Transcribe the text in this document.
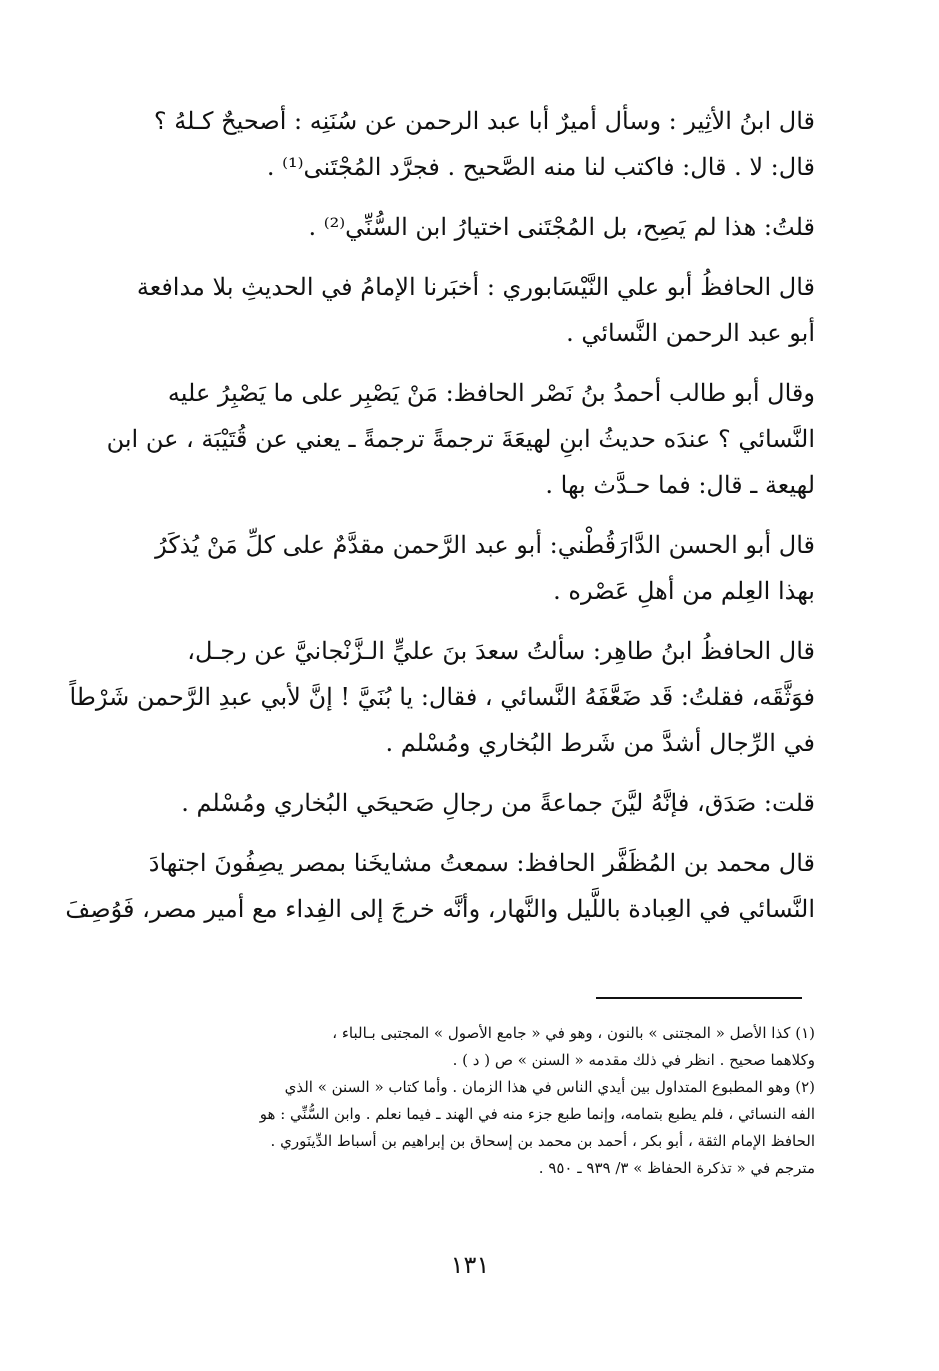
قال ابنُ الأثِير : وسأل أميرٌ أبا عبد الرحمن عن سُنَنِه : أصحيحٌ كـلهُ ؟
قال: لا . قال: فاكتب لنا منه الصَّحيح . فجرَّد المُجْتَنى⁽¹⁾ .

قلتُ: هذا لم يَصِح، بل المُجْتَنى اختيارُ ابن السُّنِّي⁽²⁾ .

قال الحافظُ أبو علي النَّيْسَابوري : أخبَرنا الإمامُ في الحديثِ بلا مدافعة
أبو عبد الرحمن النَّسائي .

وقال أبو طالب أحمدُ بنُ نَصْر الحافظ: مَنْ يَصْبِر على ما يَصْبِرُ عليه
النَّسائي ؟ عندَه حديثُ ابنِ لهيعَةَ ترجمةً ترجمةً ـ يعني عن قُتَيْبَة ، عن ابن
لهيعة ـ قال: فما حـدَّث بها .

قال أبو الحسن الدَّارَقُطْني: أبو عبد الرَّحمن مقدَّمٌ على كلِّ مَنْ يُذكَرُ
بهذا العِلم من أهلِ عَصْره .

قال الحافظُ ابنُ طاهِر: سألتُ سعدَ بنَ عليٍّ الـزَّنْجانيَّ عن رجـل،
فوَثَّقَه، فقلتُ: قَد ضَعَّفَهُ النَّسائي ، فقال: يا بُنَيَّ ! إنَّ لأبي عبدِ الرَّحمن شَرْطاً
في الرِّجال أشدَّ من شَرط البُخاري ومُسْلم .

قلت: صَدَق، فإنَّهُ ليَّنَ جماعةً من رجالِ صَحيحَي البُخاري ومُسْلم .

قال محمد بن المُظَفَّر الحافظ: سمعتُ مشايخَنا بمصر يصِفُونَ اجتهادَ
النَّسائي في العِبادة باللَّيل والنَّهار، وأنَّه خرجَ إلى الفِداء مع أمير مصر، فَوُصِفَ

(١) كذا الأصل « المجتنى » بالنون ، وهو في « جامع الأصول » المجتبى بـالباء ،
وكلاهما صحيح . انظر في ذلك مقدمه « السنن » ص ( د ) .
(٢) وهو المطبوع المتداول بين أيدي الناس في هذا الزمان . وأما كتاب « السنن » الذي
الفه النسائي ، فلم يطبع بتمامه، وإنما طبع جزء منه في الهند ـ فيما نعلم . وابن السُّنِّي : هو
الحافظ الإمام الثقة ، أبو بكر ، أحمد بن محمد بن إسحاق بن إبراهيم بن أسباط الدِّينَوري .
مترجم في « تذكرة الحفاظ » ٣/ ٩٣٩ ـ ٩٥٠ .
١٣١
